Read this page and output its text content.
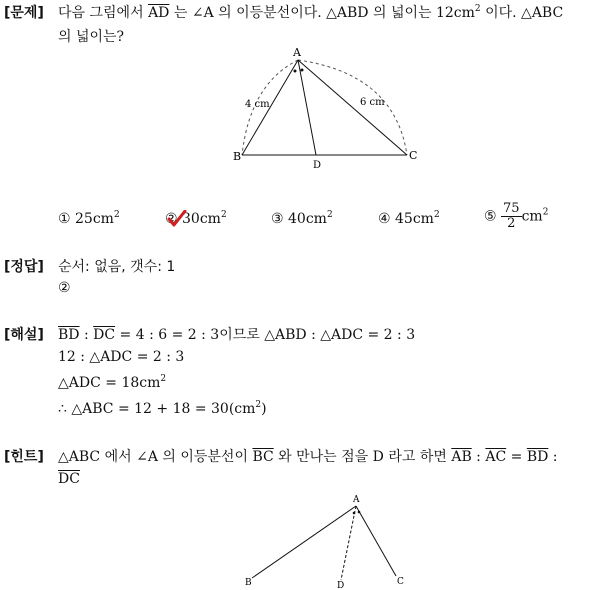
[문제] 다음 그림에서 $\overline{AD}$ 는 ∠A 의 이등분선이다. △ABD 의 넓이는 $12cm^2$ 이다. △ABC
의 넓이는?
A
B	C
D
4 cm	6 cm
① $25cm^2$	② $30cm^2$	③ $40cm^2$	④ $45cm^2$	⑤ $\frac{75}{2} cm^2$
[정답] 순서: 없음, 갯수: 1
②
[해설] $\overline{BD}$ : $\overline{DC} = 4$ : 6 = 2 : 3이므로 △ABD : △ADC = 2 : 3
12 : △ADC = 2 : 3
△ADC = $18cm^2$
∴ △ABC = $12 + 18 = 30(cm^2)$
[힌트] △ABC 에서 ∠A 의 이등분선이 $\overline{BC}$ 와 만나는 점을 D 라고 하면 $\overline{AB}$ : $\overline{AC} = \overline{BD}$ :
$\overline{DC}$
A
B	C
D
